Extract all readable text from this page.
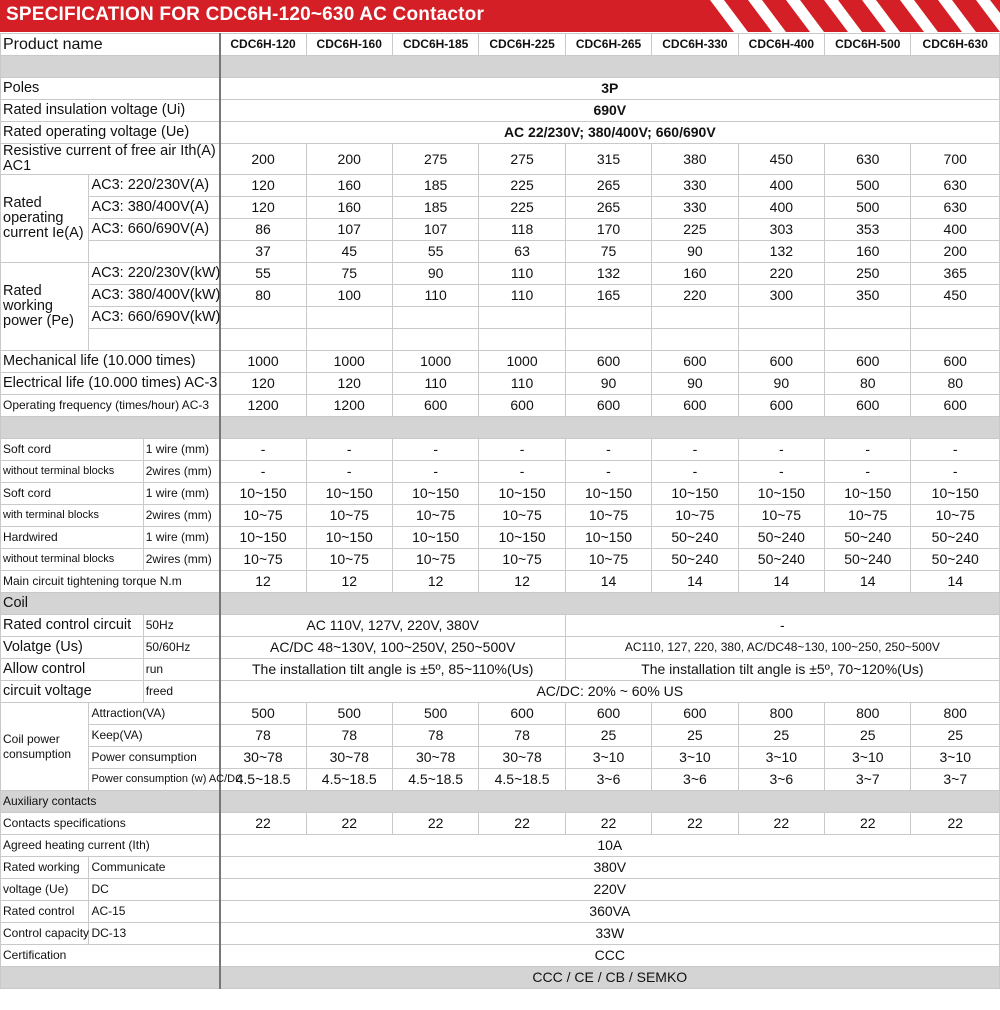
SPECIFICATION FOR CDC6H-120~630 AC Contactor
Product name			CDC6H-120	CDC6H-160	CDC6H-185	CDC6H-225	CDC6H-265	CDC6H-330	CDC6H-400	CDC6H-500	CDC6H-630

Poles			3P								
Rated insulation voltage (Ui)			690V								
Rated operating voltage (Ue)			AC 22/230V; 380/400V; 660/690V								
Resistive current of free air Ith(A) AC1			200	200	275	275	315	380	450	630	700
Rated operating current Ie(A)	AC3: 220/230V(A)		120	160	185	225	265	330	400	500	630
	AC3: 380/400V(A)		120	160	185	225	265	330	400	500	630
	AC3: 660/690V(A)		86	107	107	118	170	225	303	353	400
			37	45	55	63	75	90	132	160	200
Rated working power (Pe)	AC3: 220/230V(kW)		55	75	90	110	132	160	220	250	365
	AC3: 380/400V(kW)		80	100	110	110	165	220	300	350	450
	AC3: 660/690V(kW)										

Mechanical life (10.000 times)			1000	1000	1000	1000	600	600	600	600	600
Electrical life (10.000 times) AC-3			120	120	110	110	90	90	90	80	80
Operating frequency (times/hour) AC-3			1200	1200	600	600	600	600	600	600	600

Soft cord		1 wire (mm)	-	-	-	-	-	-	-	-	-
without terminal blocks		2wires (mm)	-	-	-	-	-	-	-	-	-
Soft cord		1 wire (mm)	10~150	10~150	10~150	10~150	10~150	10~150	10~150	10~150	10~150
with terminal blocks		2wires (mm)	10~75	10~75	10~75	10~75	10~75	10~75	10~75	10~75	10~75
Hardwired		1 wire (mm)	10~150	10~150	10~150	10~150	10~150	50~240	50~240	50~240	50~240
without terminal blocks		2wires (mm)	10~75	10~75	10~75	10~75	10~75	50~240	50~240	50~240	50~240
Main circuit tightening torque N.m			12	12	12	12	14	14	14	14	14
Coil											
Rated control circuit		50Hz	AC 110V, 127V, 220V, 380V				-				
Volatge (Us)		50/60Hz	AC/DC 48~130V, 100~250V, 250~500V				AC110, 127, 220, 380, AC/DC48~130, 100~250, 250~500V				
Allow control		run	The installation tilt angle is ±5º, 85~110%(Us)				The installation tilt angle is ±5º, 70~120%(Us)				
circuit voltage		freed	AC/DC: 20% ~ 60% US								

Coil power
consumption	Attraction(VA)		500	500	500	600	600	600	800	800	800
	Keep(VA)		78	78	78	78	25	25	25	25	25
	Power consumption		30~78	30~78	30~78	30~78	3~10	3~10	3~10	3~10	3~10
	Power consumption (w) AC/DC		4.5~18.5	4.5~18.5	4.5~18.5	4.5~18.5	3~6	3~6	3~6	3~7	3~7
Auxiliary contacts											
Contacts specifications			22	22	22	22	22	22	22	22	22
Agreed heating current (Ith)			10A								
Rated working	Communicate		380V								
voltage (Ue)	DC		220V								
Rated control	AC-15		360VA								
Control capacity	DC-13		33W								
Certification			CCC								
			CCC / CE / CB / SEMKO								
